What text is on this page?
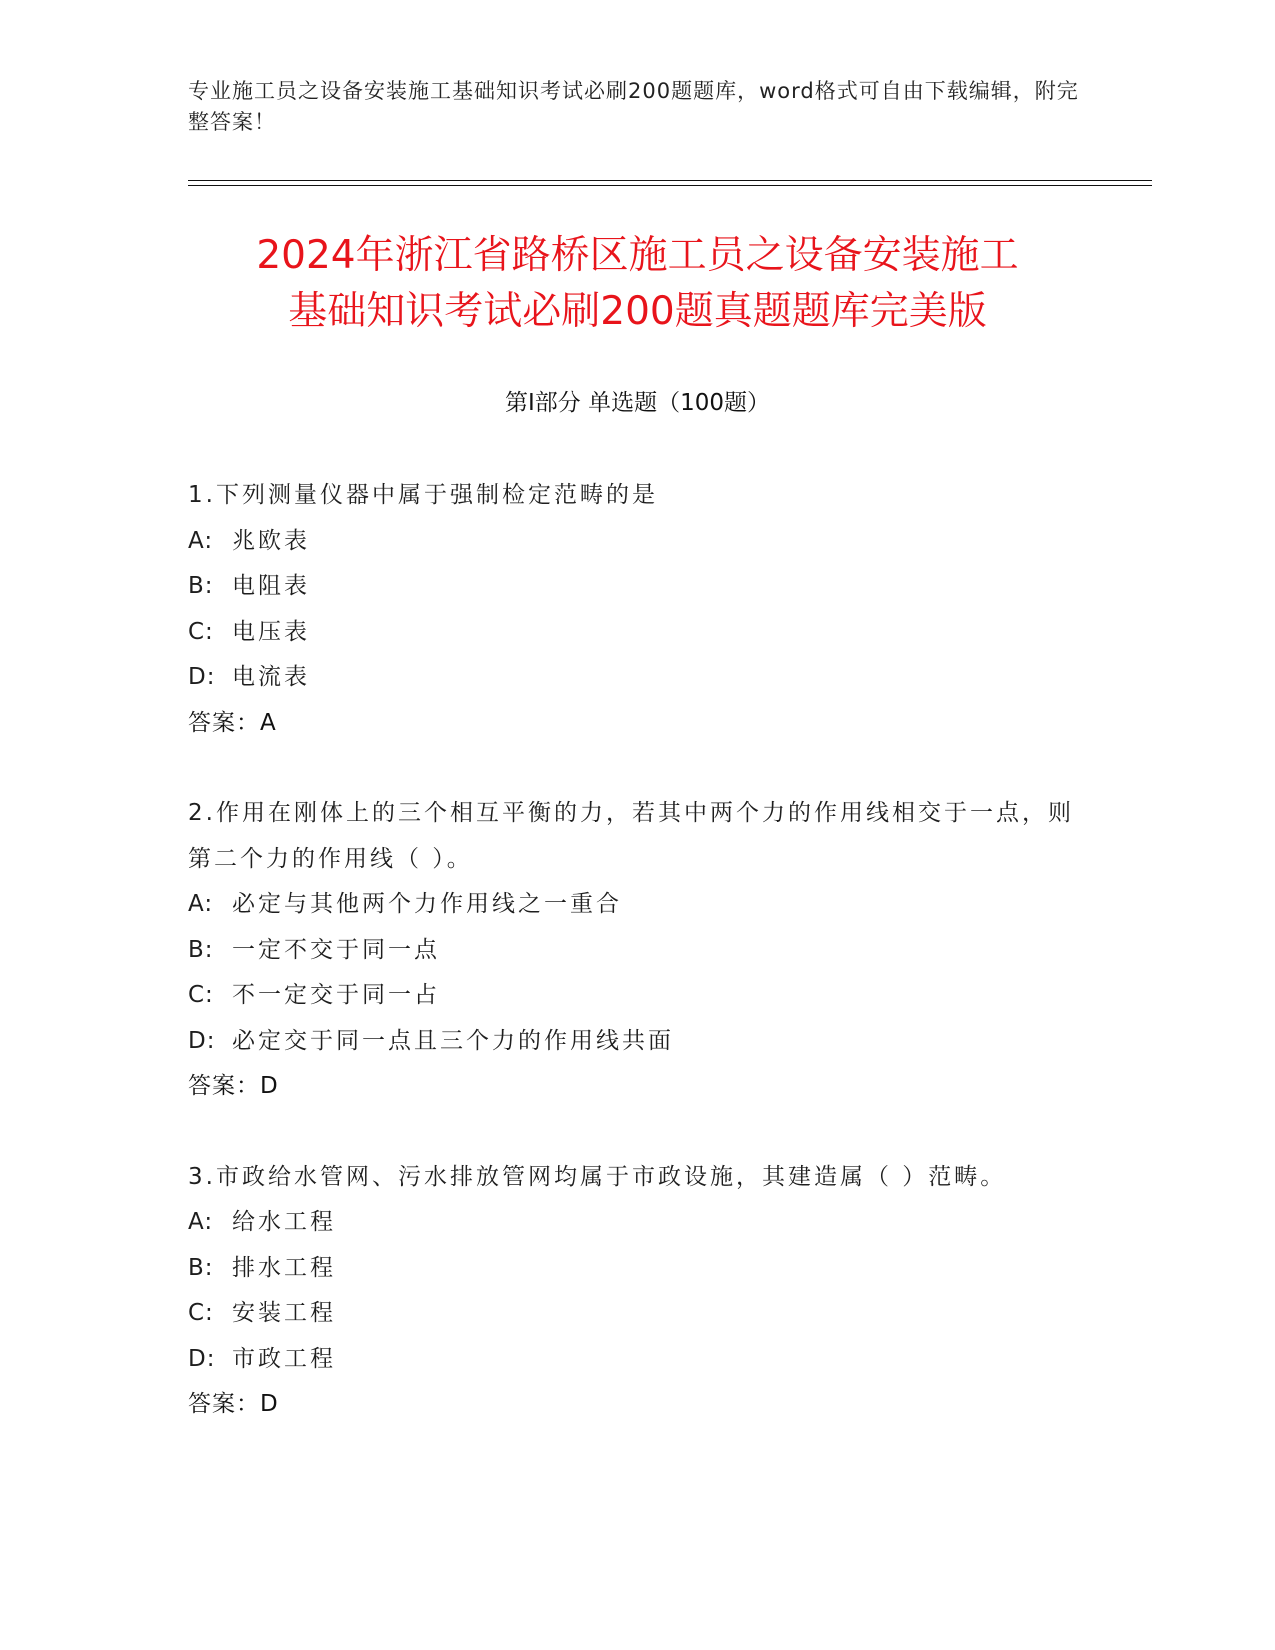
专业施工员之设备安装施工基础知识考试必刷200题题库，word格式可自由下载编辑，附完整答案！
2024年浙江省路桥区施工员之设备安装施工
基础知识考试必刷200题真题题库完美版
第I部分 单选题（100题）
1.下列测量仪器中属于强制检定范畴的是
A: 兆欧表
B: 电阻表
C: 电压表
D: 电流表
答案：A
2.作用在刚体上的三个相互平衡的力，若其中两个力的作用线相交于一点，则第二个力的作用线（ ）。
A: 必定与其他两个力作用线之一重合
B: 一定不交于同一点
C: 不一定交于同一占
D: 必定交于同一点且三个力的作用线共面
答案：D
3.市政给水管网、污水排放管网均属于市政设施，其建造属（ ）范畴。
A: 给水工程
B: 排水工程
C: 安装工程
D: 市政工程
答案：D
